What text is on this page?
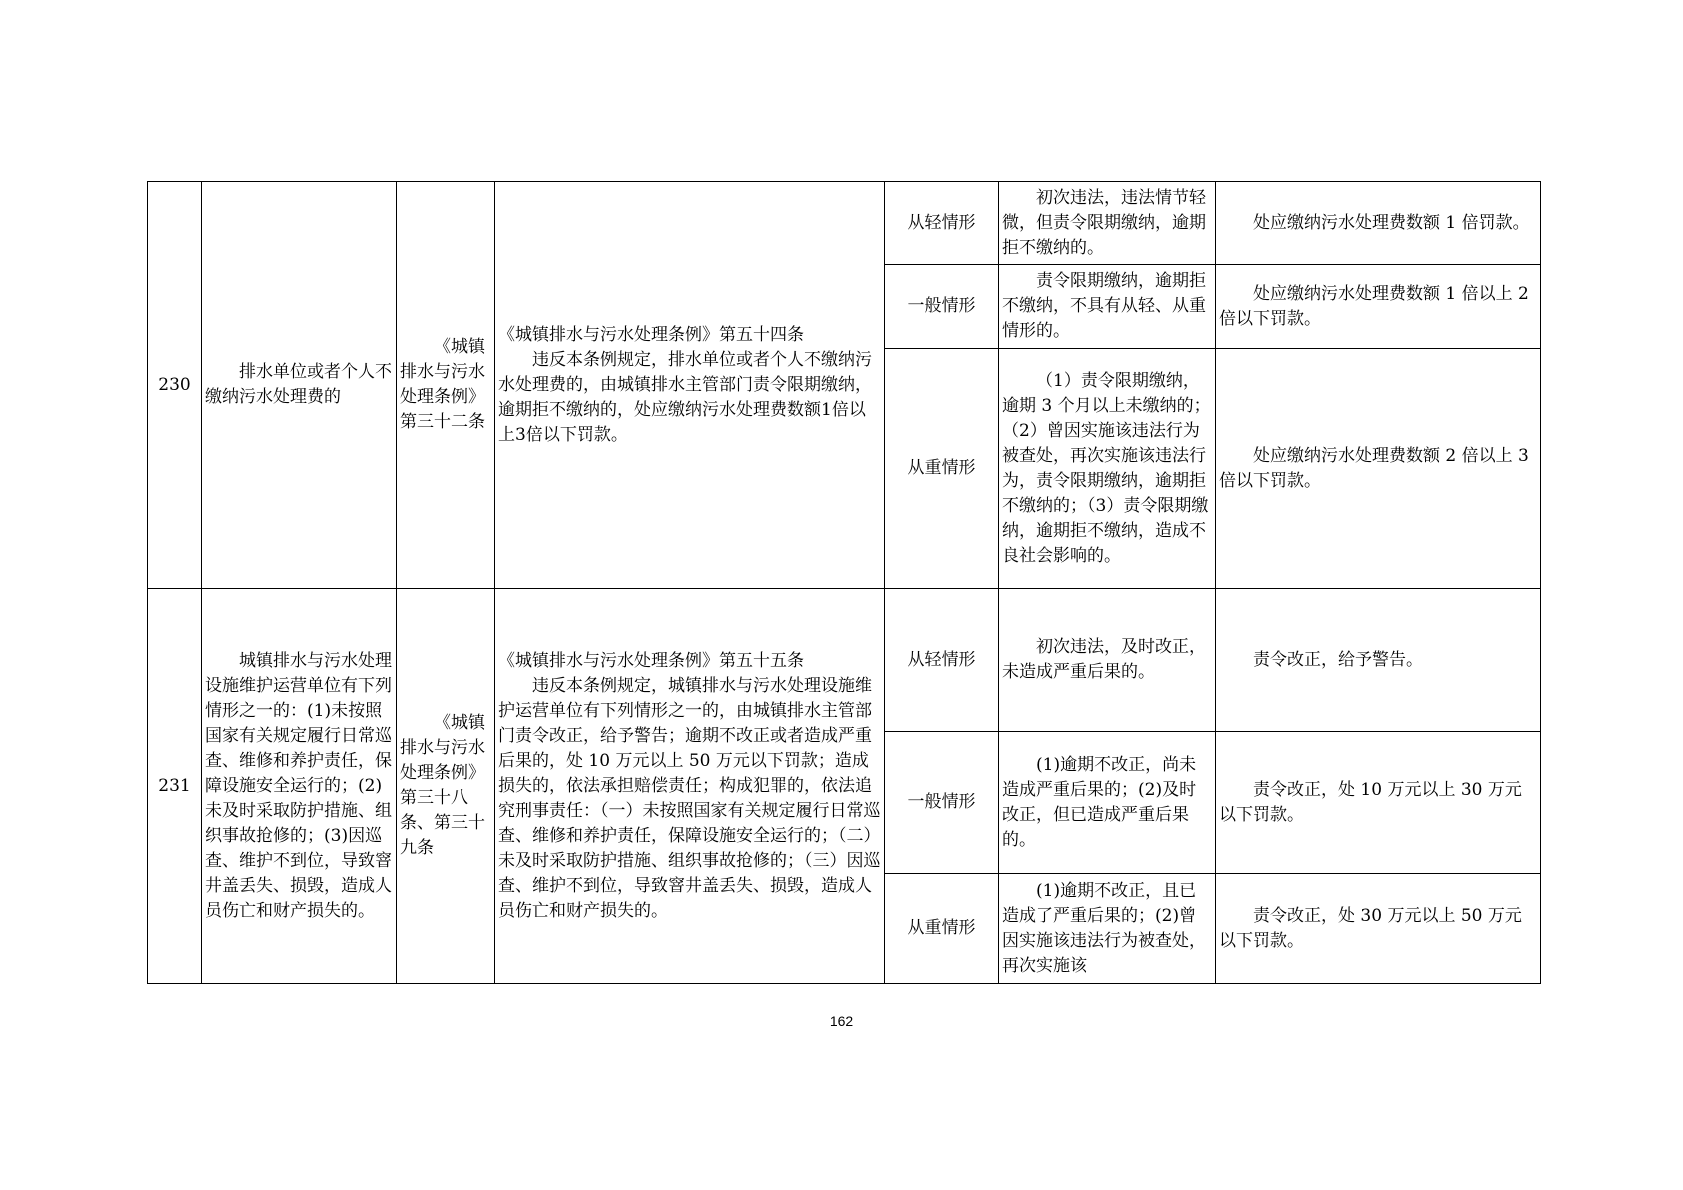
230	排水单位或者个人不缴纳污水处理费的	《城镇排水与污水处理条例》第三十二条	《城镇排水与污水处理条例》第五十四条
违反本条例规定，排水单位或者个人不缴纳污水处理费的，由城镇排水主管部门责令限期缴纳，逾期拒不缴纳的，处应缴纳污水处理费数额1倍以上3倍以下罚款。	从轻情形	初次违法，违法情节轻微，但责令限期缴纳，逾期拒不缴纳的。	处应缴纳污水处理费数额 1 倍罚款。
				一般情形	责令限期缴纳，逾期拒不缴纳，不具有从轻、从重情形的。	处应缴纳污水处理费数额 1 倍以上 2 倍以下罚款。
				从重情形	（1）责令限期缴纳，逾期 3 个月以上未缴纳的；（2）曾因实施该违法行为被查处，再次实施该违法行为，责令限期缴纳，逾期拒不缴纳的；（3）责令限期缴纳，逾期拒不缴纳，造成不良社会影响的。	处应缴纳污水处理费数额 2 倍以上 3 倍以下罚款。
231	城镇排水与污水处理设施维护运营单位有下列情形之一的：(1)未按照国家有关规定履行日常巡查、维修和养护责任，保障设施安全运行的；(2)未及时采取防护措施、组织事故抢修的；(3)因巡查、维护不到位，导致窨井盖丢失、损毁，造成人员伤亡和财产损失的。	《城镇排水与污水处理条例》第三十八条、第三十九条	《城镇排水与污水处理条例》第五十五条
违反本条例规定，城镇排水与污水处理设施维护运营单位有下列情形之一的，由城镇排水主管部门责令改正，给予警告；逾期不改正或者造成严重后果的，处 10 万元以上 50 万元以下罚款；造成损失的，依法承担赔偿责任；构成犯罪的，依法追究刑事责任：（一）未按照国家有关规定履行日常巡查、维修和养护责任，保障设施安全运行的；（二）未及时采取防护措施、组织事故抢修的；（三）因巡查、维护不到位，导致窨井盖丢失、损毁，造成人员伤亡和财产损失的。	从轻情形	初次违法，及时改正，未造成严重后果的。	责令改正，给予警告。
				一般情形	(1)逾期不改正，尚未造成严重后果的；(2)及时改正，但已造成严重后果的。	责令改正，处 10 万元以上 30 万元以下罚款。
				从重情形	(1)逾期不改正，且已造成了严重后果的；(2)曾因实施该违法行为被查处，再次实施该	责令改正，处 30 万元以上 50 万元以下罚款。
162
